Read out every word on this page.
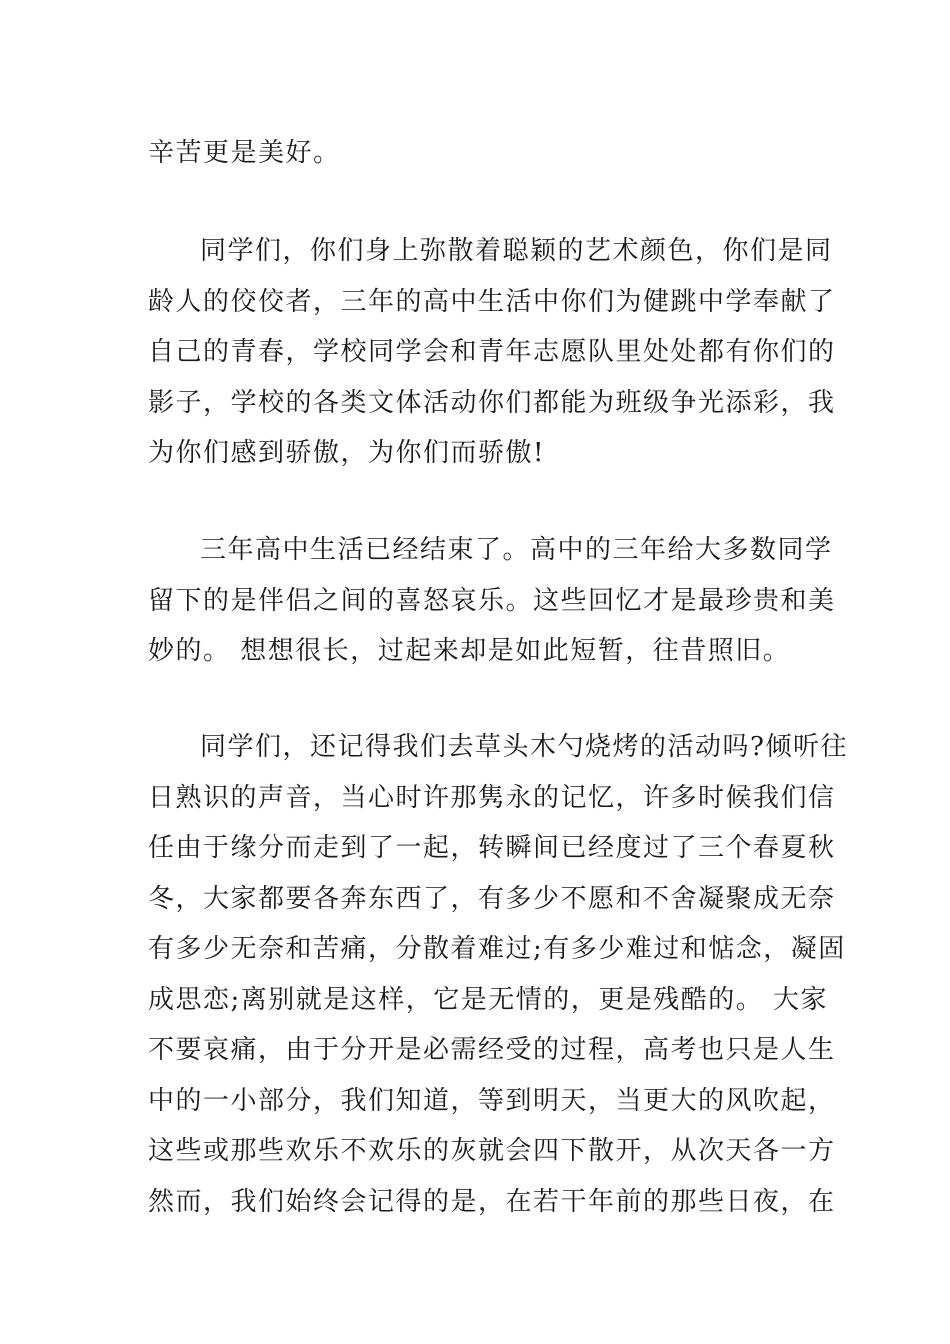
辛苦更是美好。

同学们，你们身上弥散着聪颖的艺术颜色，你们是同
龄人的佼佼者，三年的高中生活中你们为健跳中学奉献了
自己的青春，学校同学会和青年志愿队里处处都有你们的
影子，学校的各类文体活动你们都能为班级争光添彩，我
为你们感到骄傲，为你们而骄傲!

三年高中生活已经结束了。高中的三年给大多数同学
留下的是伴侣之间的喜怒哀乐。这些回忆才是最珍贵和美
妙的。 想想很长，过起来却是如此短暂，往昔照旧。

同学们，还记得我们去草头木勺烧烤的活动吗?倾听往
日熟识的声音，当心时许那隽永的记忆，许多时候我们信
任由于缘分而走到了一起，转瞬间已经度过了三个春夏秋
冬，大家都要各奔东西了，有多少不愿和不舍凝聚成无奈
有多少无奈和苦痛，分散着难过;有多少难过和惦念，凝固
成思恋;离别就是这样，它是无情的，更是残酷的。 大家
不要哀痛，由于分开是必需经受的过程，高考也只是人生
中的一小部分，我们知道，等到明天，当更大的风吹起，
这些或那些欢乐不欢乐的灰就会四下散开，从次天各一方
然而，我们始终会记得的是，在若干年前的那些日夜，在
